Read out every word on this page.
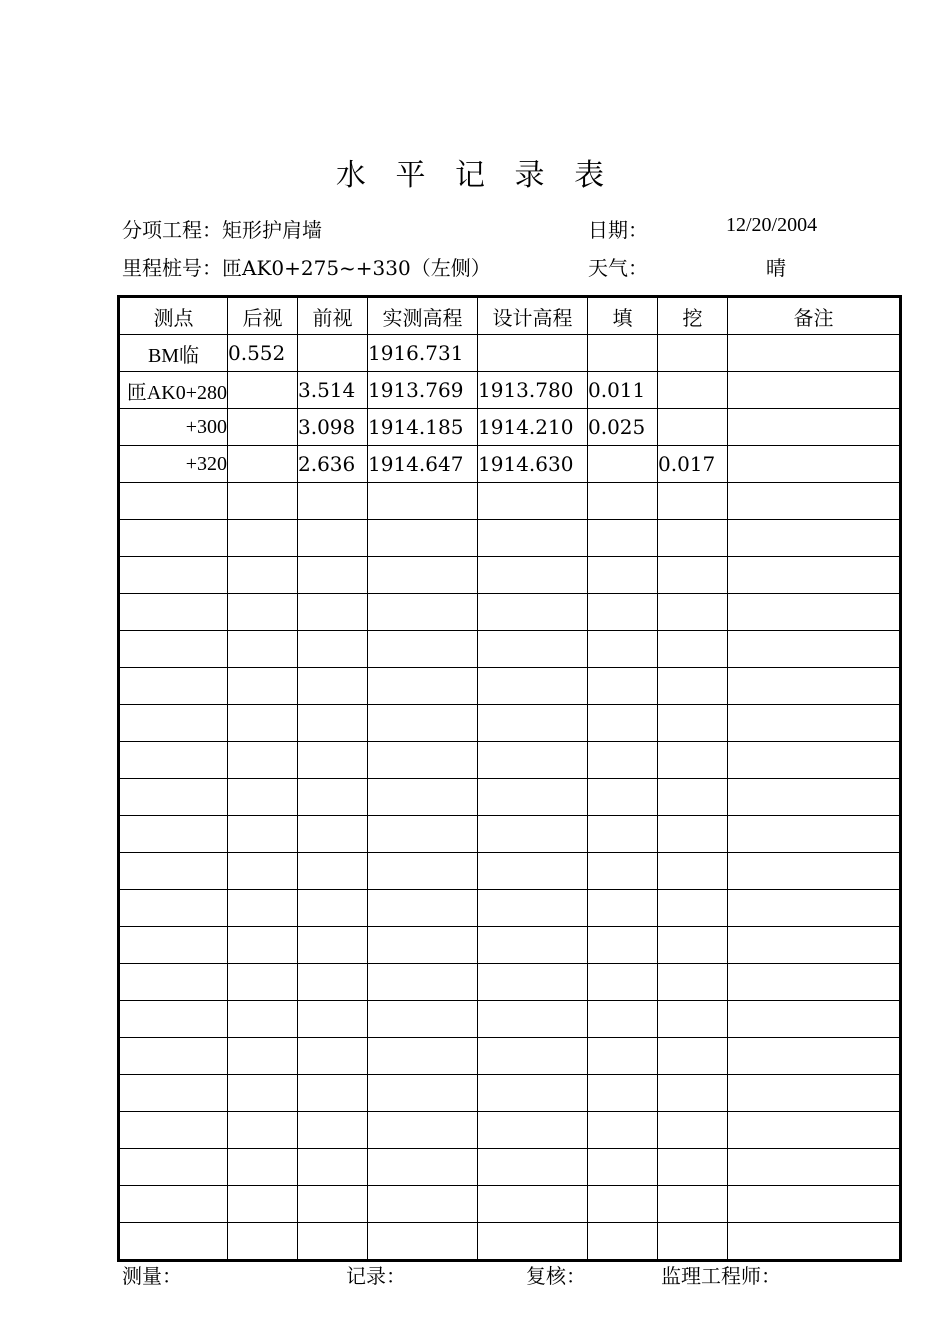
水 平 记 录 表
分项工程：矩形护肩墙	日期：	12/20/2004
里程桩号：匝AK0+275~+330（左侧）	天气：	晴
测点	后视	前视	实测高程	设计高程	填	挖	备注
BM临	0.552		1916.731				
匝AK0+280		3.514	1913.769	1913.780	0.011		
+300		3.098	1914.185	1914.210	0.025		
+320		2.636	1914.647	1914.630		0.017	

测量：	记录：	复核：	监理工程师：
